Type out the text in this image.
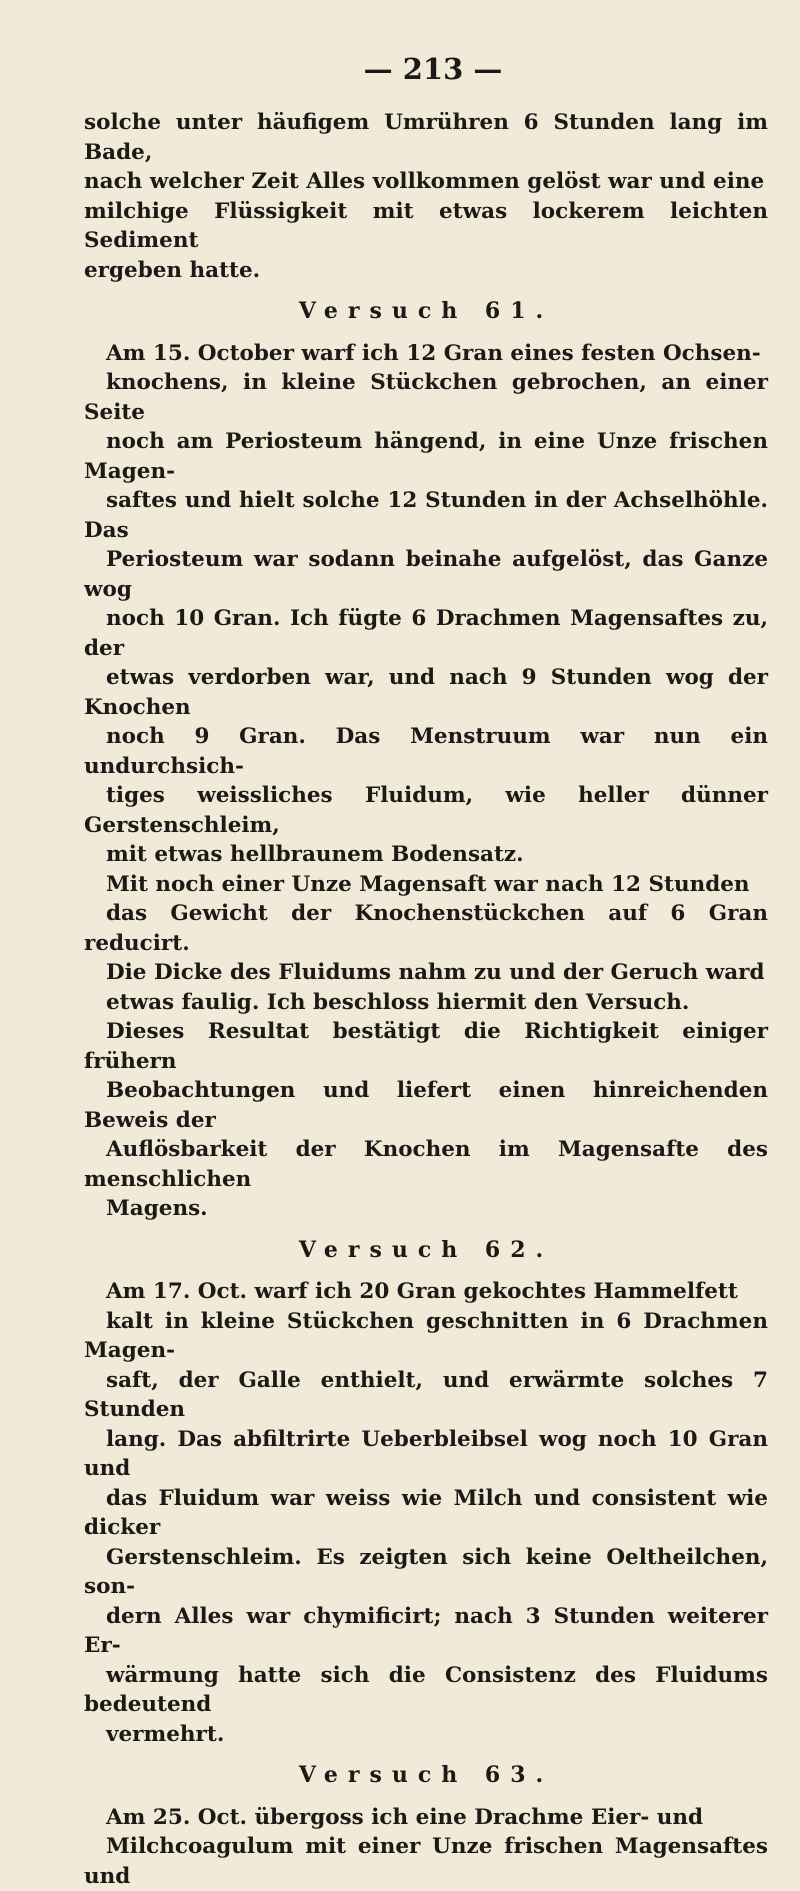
— 213 —

solche unter häufigem Umrühren 6 Stunden lang im Bade,
nach welcher Zeit Alles vollkommen gelöst war und eine
milchige Flüssigkeit mit etwas lockerem leichten Sediment
ergeben hatte.

Versuch 61.

Am 15. October warf ich 12 Gran eines festen Ochsen-
knochens, in kleine Stückchen gebrochen, an einer Seite
noch am Periosteum hängend, in eine Unze frischen Magen-
saftes und hielt solche 12 Stunden in der Achselhöhle. Das
Periosteum war sodann beinahe aufgelöst, das Ganze wog
noch 10 Gran. Ich fügte 6 Drachmen Magensaftes zu, der
etwas verdorben war, und nach 9 Stunden wog der Knochen
noch 9 Gran. Das Menstruum war nun ein undurchsich-
tiges weissliches Fluidum, wie heller dünner Gerstenschleim,
mit etwas hellbraunem Bodensatz.

Mit noch einer Unze Magensaft war nach 12 Stunden
das Gewicht der Knochenstückchen auf 6 Gran reducirt.
Die Dicke des Fluidums nahm zu und der Geruch ward
etwas faulig. Ich beschloss hiermit den Versuch.

Dieses Resultat bestätigt die Richtigkeit einiger frühern
Beobachtungen und liefert einen hinreichenden Beweis der
Auflösbarkeit der Knochen im Magensafte des menschlichen
Magens.

Versuch 62.

Am 17. Oct. warf ich 20 Gran gekochtes Hammelfett
kalt in kleine Stückchen geschnitten in 6 Drachmen Magen-
saft, der Galle enthielt, und erwärmte solches 7 Stunden
lang. Das abfiltrirte Ueberbleibsel wog noch 10 Gran und
das Fluidum war weiss wie Milch und consistent wie dicker
Gerstenschleim. Es zeigten sich keine Oeltheilchen, son-
dern Alles war chymificirt; nach 3 Stunden weiterer Er-
wärmung hatte sich die Consistenz des Fluidums bedeutend
vermehrt.

Versuch 63.

Am 25. Oct. übergoss ich eine Drachme Eier- und
Milchcoagulum mit einer Unze frischen Magensaftes und
